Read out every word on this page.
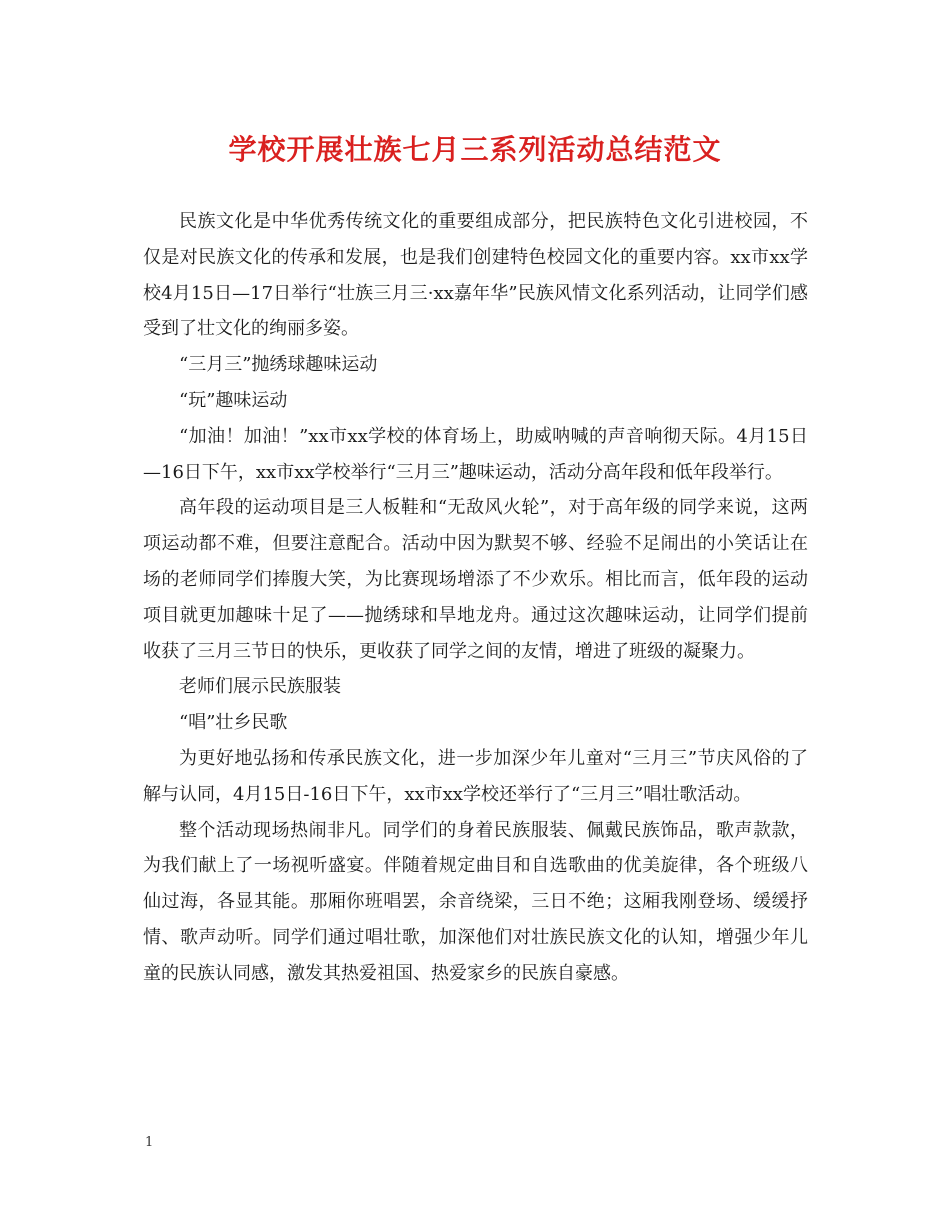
学校开展壮族七月三系列活动总结范文

民族文化是中华优秀传统文化的重要组成部分，把民族特色文化引进校园，不仅是对民族文化的传承和发展，也是我们创建特色校园文化的重要内容。xx市xx学校4月15日—17日举行“壮族三月三·xx嘉年华”民族风情文化系列活动，让同学们感受到了壮文化的绚丽多姿。

“三月三”抛绣球趣味运动

“玩”趣味运动

“加油！加油！”xx市xx学校的体育场上，助威呐喊的声音响彻天际。4月15日—16日下午，xx市xx学校举行“三月三”趣味运动，活动分高年段和低年段举行。

高年段的运动项目是三人板鞋和“无敌风火轮”，对于高年级的同学来说，这两项运动都不难，但要注意配合。活动中因为默契不够、经验不足闹出的小笑话让在场的老师同学们捧腹大笑，为比赛现场增添了不少欢乐。相比而言，低年段的运动项目就更加趣味十足了——抛绣球和旱地龙舟。通过这次趣味运动，让同学们提前收获了三月三节日的快乐，更收获了同学之间的友情，增进了班级的凝聚力。

老师们展示民族服装

“唱”壮乡民歌

为更好地弘扬和传承民族文化，进一步加深少年儿童对“三月三”节庆风俗的了解与认同，4月15日-16日下午，xx市xx学校还举行了“三月三”唱壮歌活动。

整个活动现场热闹非凡。同学们的身着民族服装、佩戴民族饰品，歌声款款，为我们献上了一场视听盛宴。伴随着规定曲目和自选歌曲的优美旋律，各个班级八仙过海，各显其能。那厢你班唱罢，余音绕梁，三日不绝；这厢我刚登场、缓缓抒情、歌声动听。同学们通过唱壮歌，加深他们对壮族民族文化的认知，增强少年儿童的民族认同感，激发其热爱祖国、热爱家乡的民族自豪感。

1
